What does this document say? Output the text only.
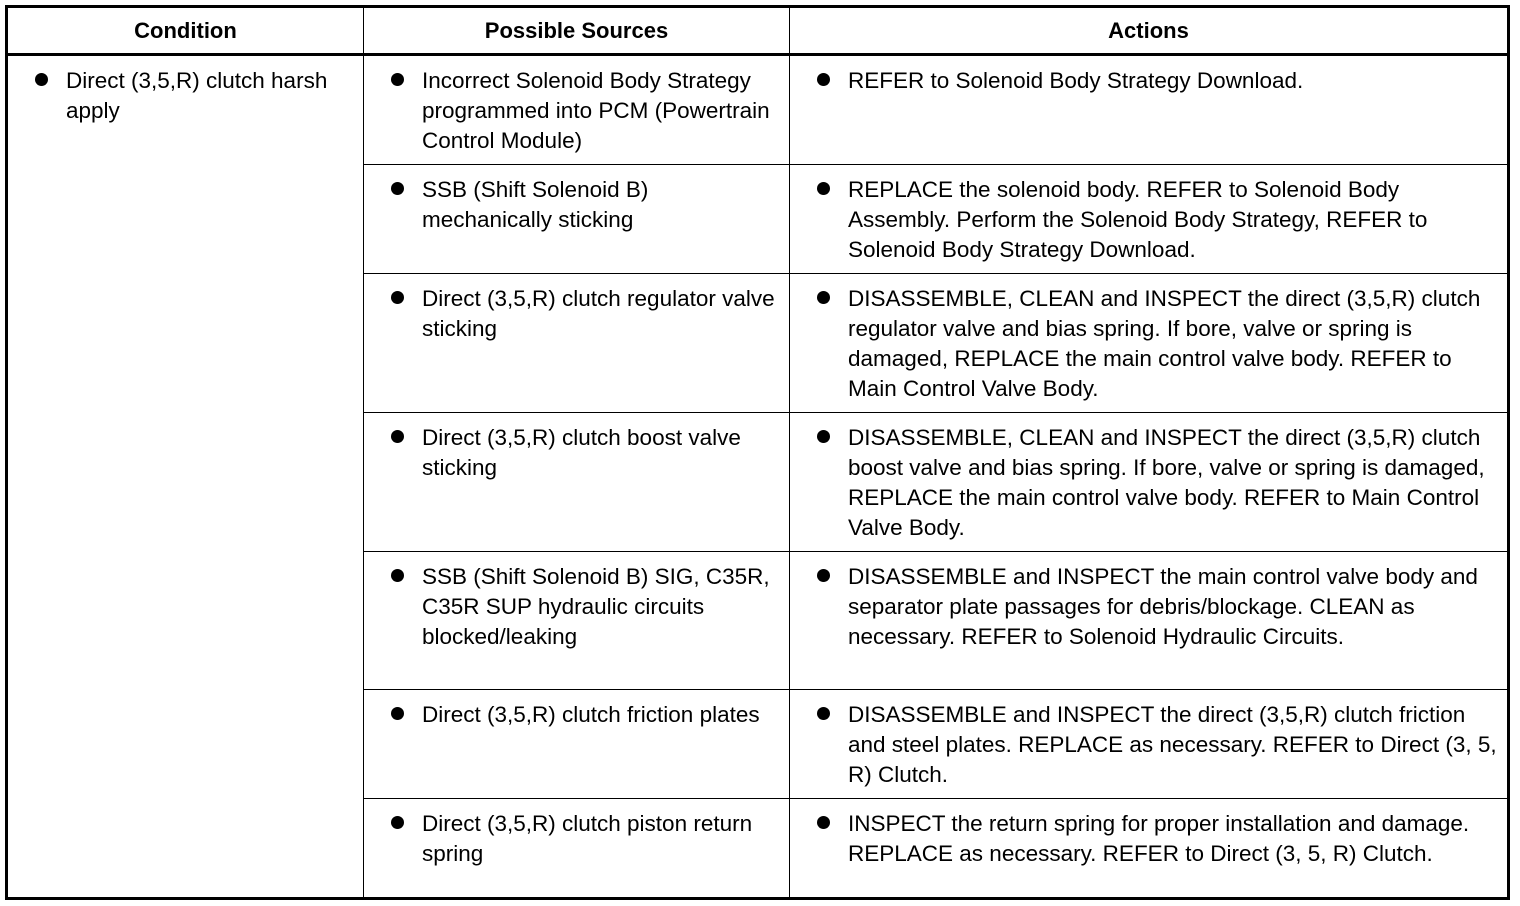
Condition	Possible Sources	Actions

Direct (3,5,R) clutch harsh apply	Incorrect Solenoid Body Strategy programmed into PCM (Powertrain Control Module)	REFER to Solenoid Body Strategy Download.

SSB (Shift Solenoid B) mechanically sticking	REPLACE the solenoid body. REFER to Solenoid Body Assembly. Perform the Solenoid Body Strategy, REFER to Solenoid Body Strategy Download.

Direct (3,5,R) clutch regulator valve sticking	DISASSEMBLE, CLEAN and INSPECT the direct (3,5,R) clutch regulator valve and bias spring. If bore, valve or spring is damaged, REPLACE the main control valve body. REFER to Main Control Valve Body.

Direct (3,5,R) clutch boost valve sticking	DISASSEMBLE, CLEAN and INSPECT the direct (3,5,R) clutch boost valve and bias spring. If bore, valve or spring is damaged, REPLACE the main control valve body. REFER to Main Control Valve Body.

SSB (Shift Solenoid B) SIG, C35R, C35R SUP hydraulic circuits blocked/leaking	DISASSEMBLE and INSPECT the main control valve body and separator plate passages for debris/blockage. CLEAN as necessary. REFER to Solenoid Hydraulic Circuits.

Direct (3,5,R) clutch friction plates	DISASSEMBLE and INSPECT the direct (3,5,R) clutch friction and steel plates. REPLACE as necessary. REFER to Direct (3, 5, R) Clutch.

Direct (3,5,R) clutch piston return spring	INSPECT the return spring for proper installation and damage. REPLACE as necessary. REFER to Direct (3, 5, R) Clutch.
